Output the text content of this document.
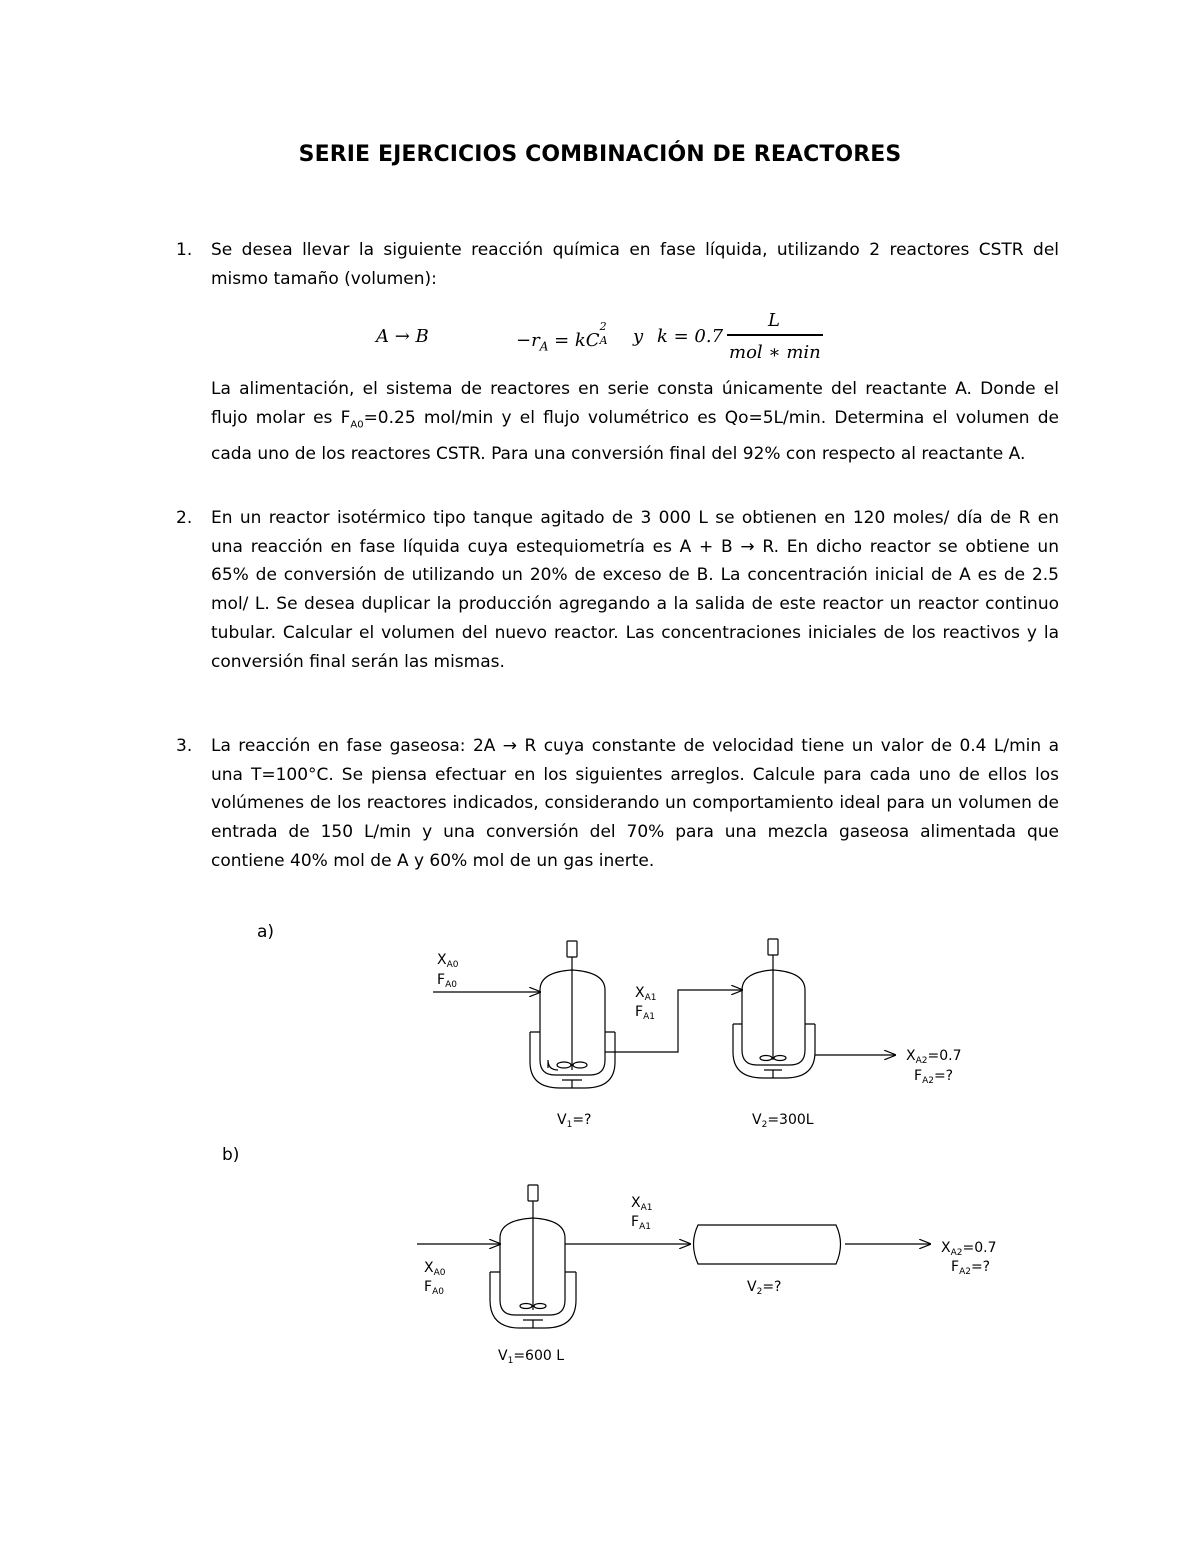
SERIE EJERCICIOS COMBINACIÓN DE REACTORES
1. Se desea llevar la siguiente reacción química en fase líquida, utilizando 2 reactores CSTR del mismo tamaño (volumen):
A → B	$-r_A$ = kC
2
A y k = 0.7
L
mol ∗ min
La alimentación, el sistema de reactores en serie consta únicamente del reactante A. Donde el flujo molar es $F_{A0}=0.25$ mol/min y el flujo volumétrico es Qo=5L/min. Determina el volumen de cada uno de los reactores CSTR. Para una conversión final del 92% con respecto al reactante A.
2. En un reactor isotérmico tipo tanque agitado de 3 000 L se obtienen en 120 moles/ día de R en una reacción en fase líquida cuya estequiometría es A + B → R. En dicho reactor se obtiene un 65% de conversión de utilizando un 20% de exceso de B. La concentración inicial de A es de 2.5 mol/ L. Se desea duplicar la producción agregando a la salida de este reactor un reactor continuo tubular. Calcular el volumen del nuevo reactor. Las concentraciones iniciales de los reactivos y la conversión final serán las mismas.
3. La reacción en fase gaseosa: 2A → R cuya constante de velocidad tiene un valor de 0.4 L/min a una T=100°C. Se piensa efectuar en los siguientes arreglos. Calcule para cada uno de ellos los volúmenes de los reactores indicados, considerando un comportamiento ideal para un volumen de entrada de 150 L/min y una conversión del 70% para una mezcla gaseosa alimentada que contiene 40% mol de A y 60% mol de un gas inerte.
a)
b)
$X_{A0}$
$F_{A0}$	$X_{A1}$
$F_{A1}$
$X_{A2}=0.7$
$F_{A2}=$?
$V_1=$?	$V_2=300L$
$X_{A1}$
$F_{A1}$
$X_{A0}$
$F_{A0}$
$X_{A2}=0.7$
$F_{A2}=$?
$V_2=$?
$V_1=600$ L
